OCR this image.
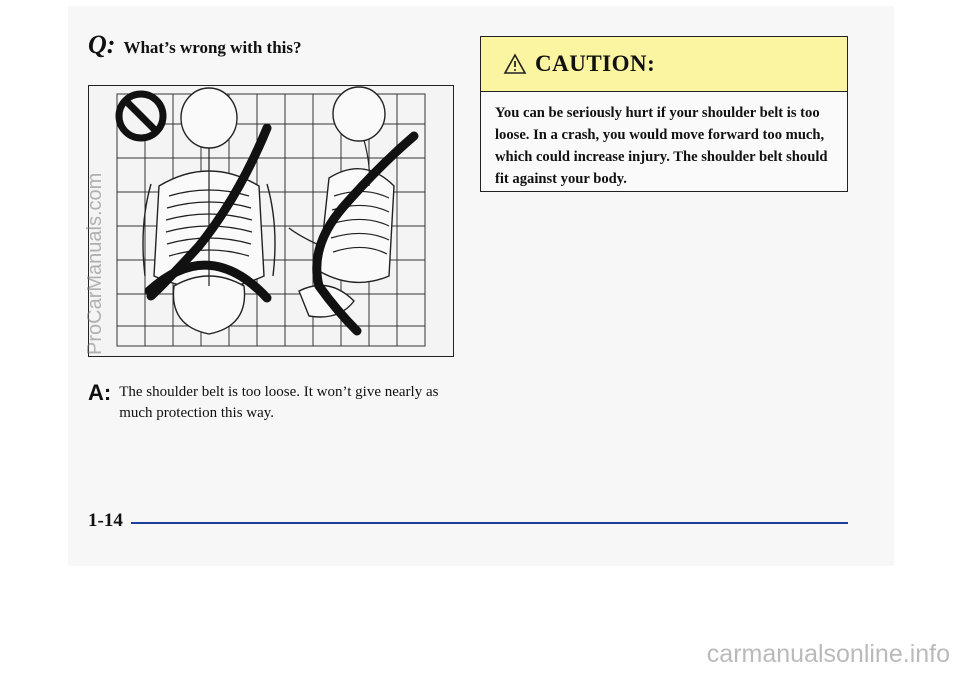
Q: What’s wrong with this?
A: The shoulder belt is too loose. It won’t give nearly as much protection this way.
CAUTION:
You can be seriously hurt if your shoulder belt is too loose. In a crash, you would move forward too much, which could increase injury. The shoulder belt should fit against your body.
1-14
ProCarManuals.com
carmanualsonline.info
